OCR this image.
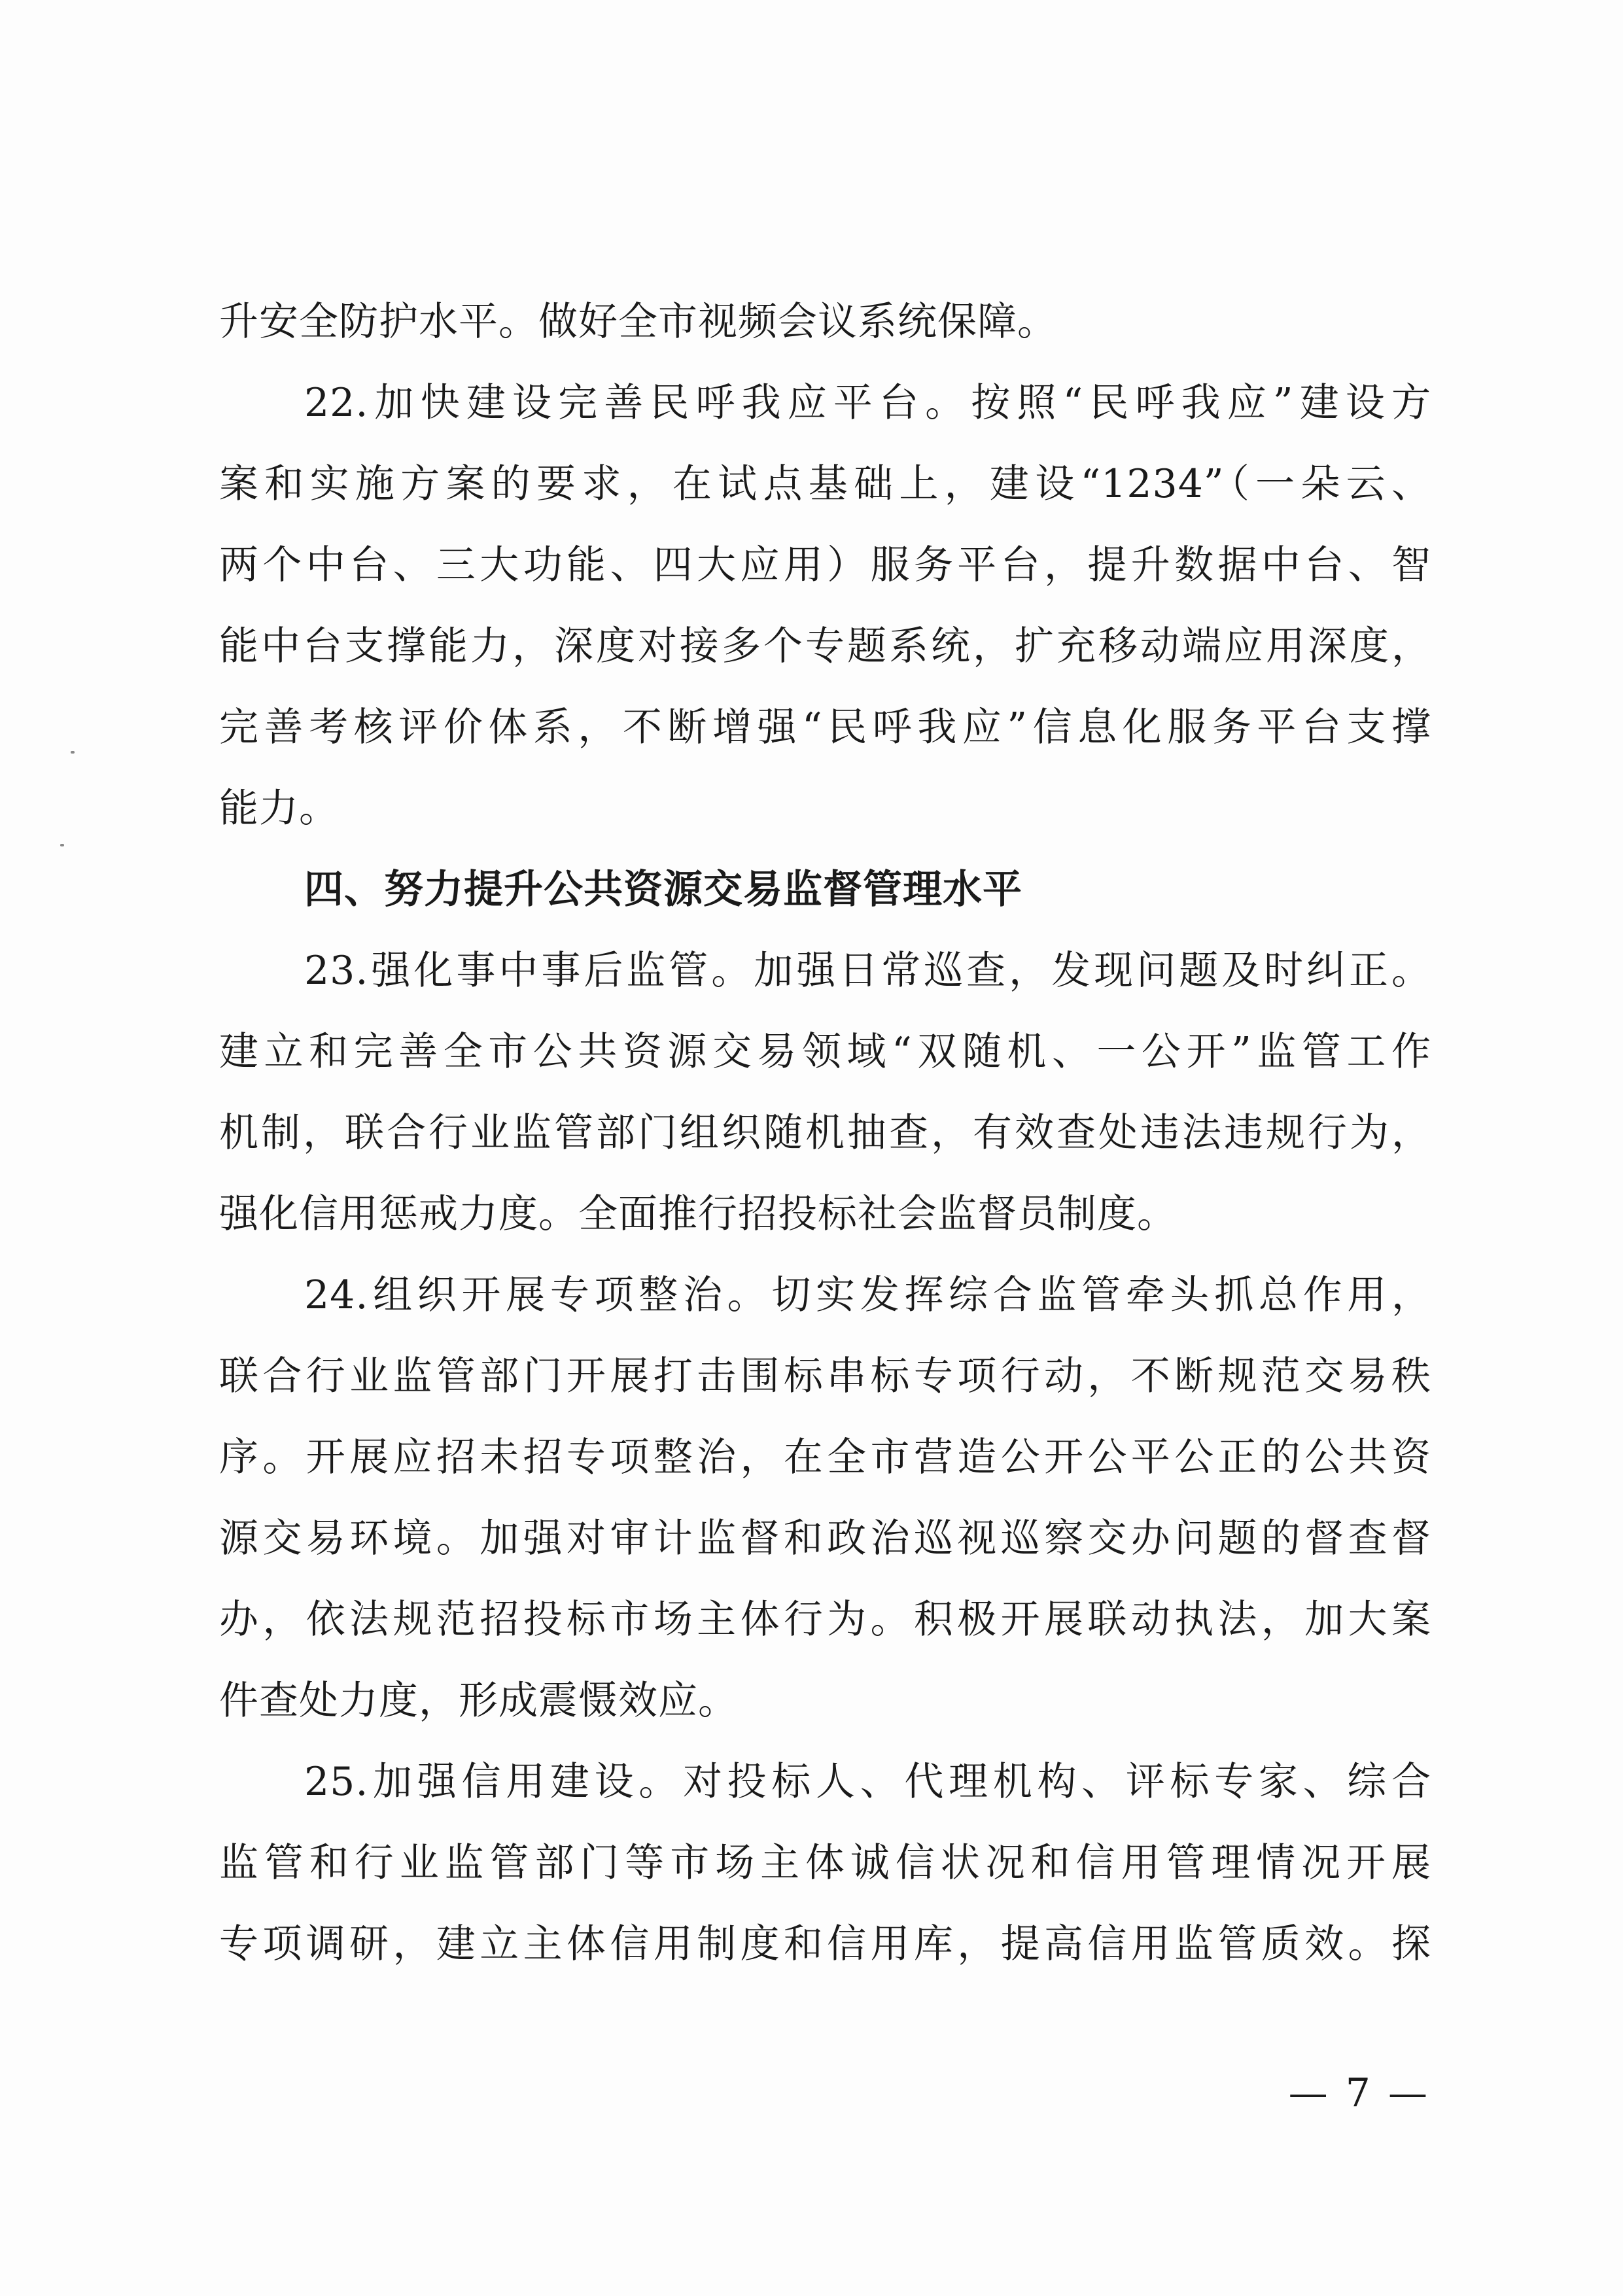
升安全防护水平。做好全市视频会议系统保障。
22.加快建设完善民呼我应平台。按照“民呼我应”建设方
案和实施方案的要求，在试点基础上，建设“1234”（一朵云、
两个中台、三大功能、四大应用）服务平台，提升数据中台、智
能中台支撑能力，深度对接多个专题系统，扩充移动端应用深度，
完善考核评价体系，不断增强“民呼我应”信息化服务平台支撑
能力。
四、努力提升公共资源交易监督管理水平
23.强化事中事后监管。加强日常巡查，发现问题及时纠正。
建立和完善全市公共资源交易领域“双随机、一公开”监管工作
机制，联合行业监管部门组织随机抽查，有效查处违法违规行为，
强化信用惩戒力度。全面推行招投标社会监督员制度。
24.组织开展专项整治。切实发挥综合监管牵头抓总作用，
联合行业监管部门开展打击围标串标专项行动，不断规范交易秩
序。开展应招未招专项整治，在全市营造公开公平公正的公共资
源交易环境。加强对审计监督和政治巡视巡察交办问题的督查督
办，依法规范招投标市场主体行为。积极开展联动执法，加大案
件查处力度，形成震慑效应。
25.加强信用建设。对投标人、代理机构、评标专家、综合
监管和行业监管部门等市场主体诚信状况和信用管理情况开展
专项调研，建立主体信用制度和信用库，提高信用监管质效。探
— 7 —
